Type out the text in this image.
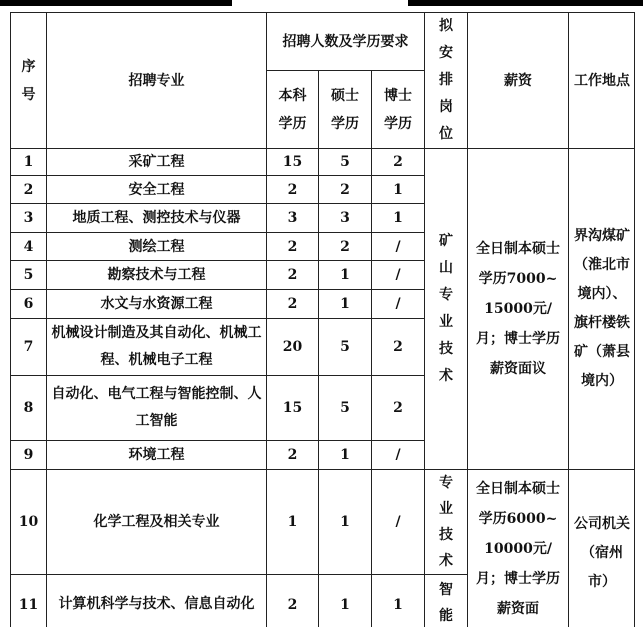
序号	招聘专业	招聘人数及学历要求			拟安排岗位	薪资	工作地点

		本科学历	硕士学历	博士学历			

1	采矿工程	15	5	2	矿山专业技术	全日制本硕士学历7000~15000元/月；博士学历薪资面议	界沟煤矿（淮北市境内）、旗杆楼铁矿（萧县境内）

2	安全工程	2	2	1			
3	地质工程、测控技术与仪器	3	3	1			
4	测绘工程	2	2	/			
5	勘察技术与工程	2	1	/			
6	水文与水资源工程	2	1	/			
7	机械设计制造及其自动化、机械工程、机械电子工程	20	5	2			
8	自动化、电气工程与智能控制、人工智能	15	5	2			
9	环境工程	2	1	/			
10	化学工程及相关专业	1	1	/	专业技术	全日制本硕士学历6000~10000元/月；博士学历薪资面	公司机关（宿州市）

11	计算机科学与技术、信息自动化	2	1	1	智能		
